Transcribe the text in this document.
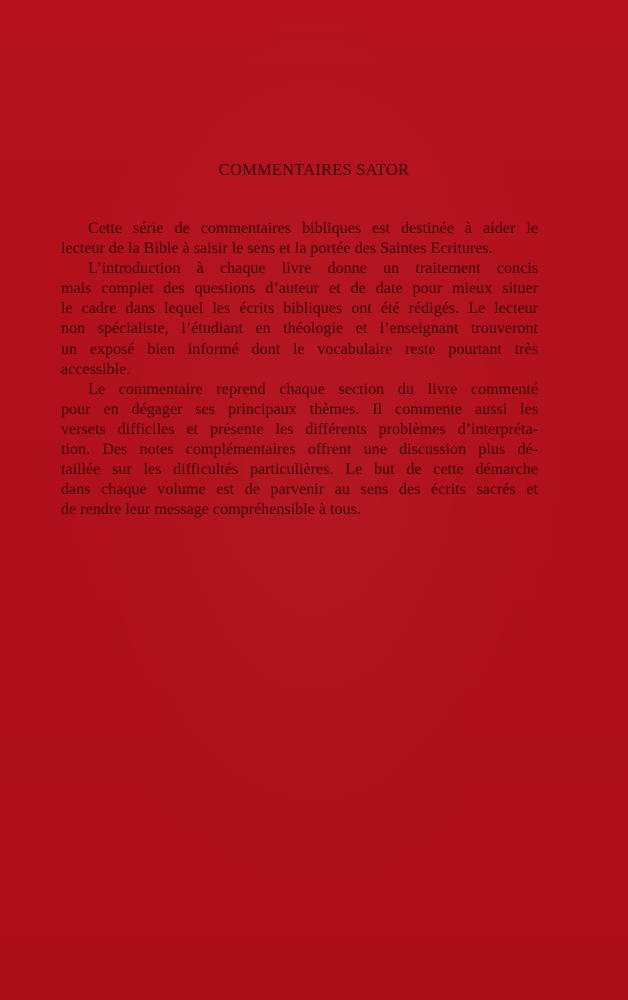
COMMENTAIRES SATOR

Cette série de commentaires bibliques est destinée à aider le
lecteur de la Bible à saisir le sens et la portée des Saintes Ecritures.

L’introduction à chaque livre donne un traitement concis
mais complet des questions d’auteur et de date pour mieux situer
le cadre dans lequel les écrits bibliques ont été rédigés. Le lecteur
non spécialiste, l’étudiant en théologie et l’enseignant trouveront
un exposé bien informé dont le vocabulaire reste pourtant très
accessible.

Le commentaire reprend chaque section du livre commenté
pour en dégager ses principaux thèmes. Il commente aussi les
versets difficiles et présente les différents problèmes d’interpréta-
tion. Des notes complémentaires offrent une discussion plus dé-
taillée sur les difficultés particulières. Le but de cette démarche
dans chaque volume est de parvenir au sens des écrits sacrés et
de rendre leur message compréhensible à tous.
